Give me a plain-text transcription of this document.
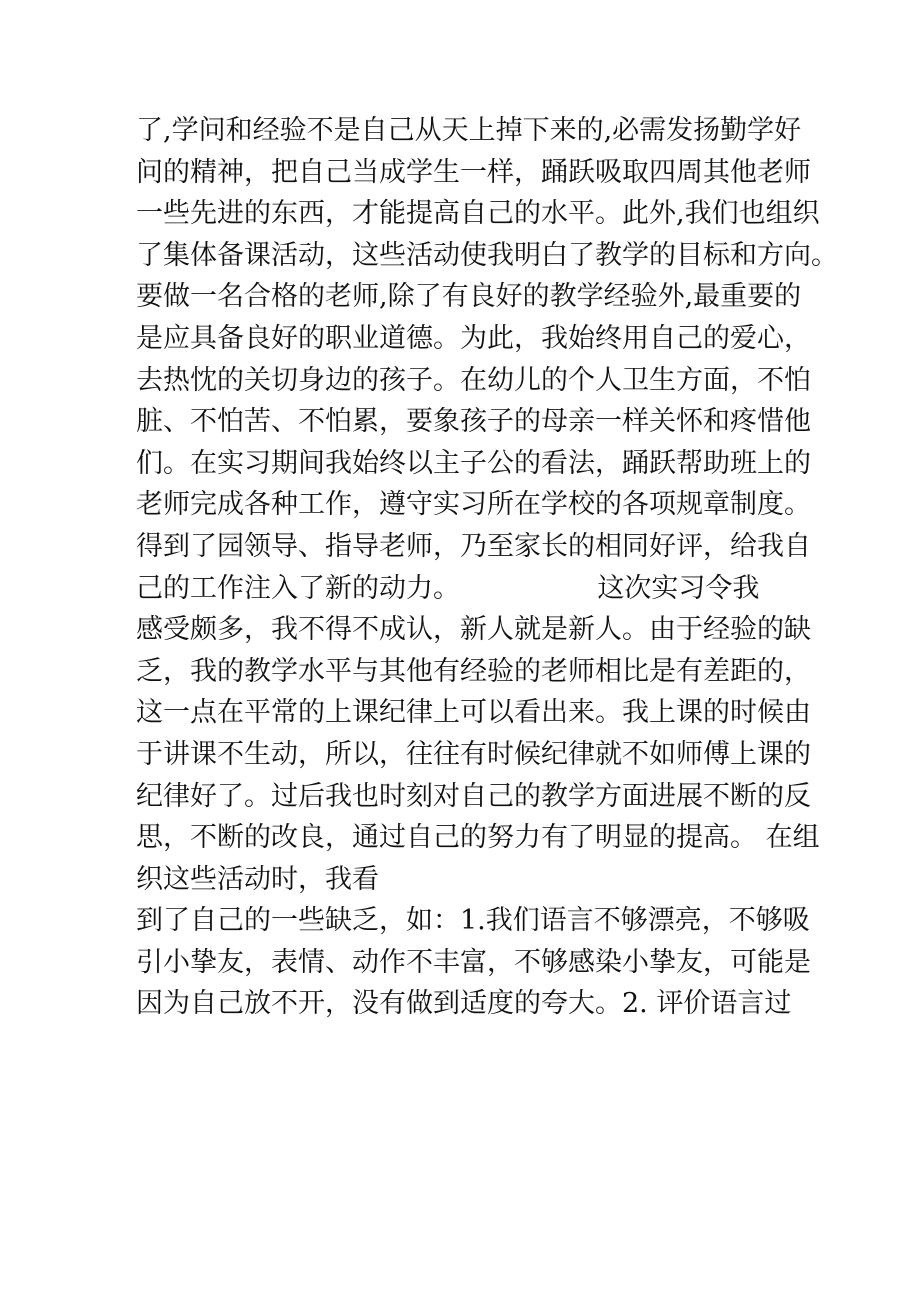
了,学问和经验不是自己从天上掉下来的,必需发扬勤学好
问的精神，把自己当成学生一样，踊跃吸取四周其他老师
一些先进的东西，才能提高自己的水平。此外,我们也组织
了集体备课活动，这些活动使我明白了教学的目标和方向。
要做一名合格的老师,除了有良好的教学经验外,最重要的
是应具备良好的职业道德。为此，我始终用自己的爱心，
去热忱的关切身边的孩子。在幼儿的个人卫生方面，不怕
脏、不怕苦、不怕累，要象孩子的母亲一样关怀和疼惜他
们。在实习期间我始终以主子公的看法，踊跃帮助班上的
老师完成各种工作，遵守实习所在学校的各项规章制度。
得到了园领导、指导老师，乃至家长的相同好评，给我自
己的工作注入了新的动力。                这次实习令我
感受颇多，我不得不成认，新人就是新人。由于经验的缺
乏，我的教学水平与其他有经验的老师相比是有差距的，
这一点在平常的上课纪律上可以看出来。我上课的时候由
于讲课不生动，所以，往往有时候纪律就不如师傅上课的
纪律好了。过后我也时刻对自己的教学方面进展不断的反
思，不断的改良，通过自己的努力有了明显的提高。 在组
织这些活动时，我看
到了自己的一些缺乏，如：1.我们语言不够漂亮，不够吸
引小挚友，表情、动作不丰富，不够感染小挚友，可能是
因为自己放不开，没有做到适度的夸大。2. 评价语言过
